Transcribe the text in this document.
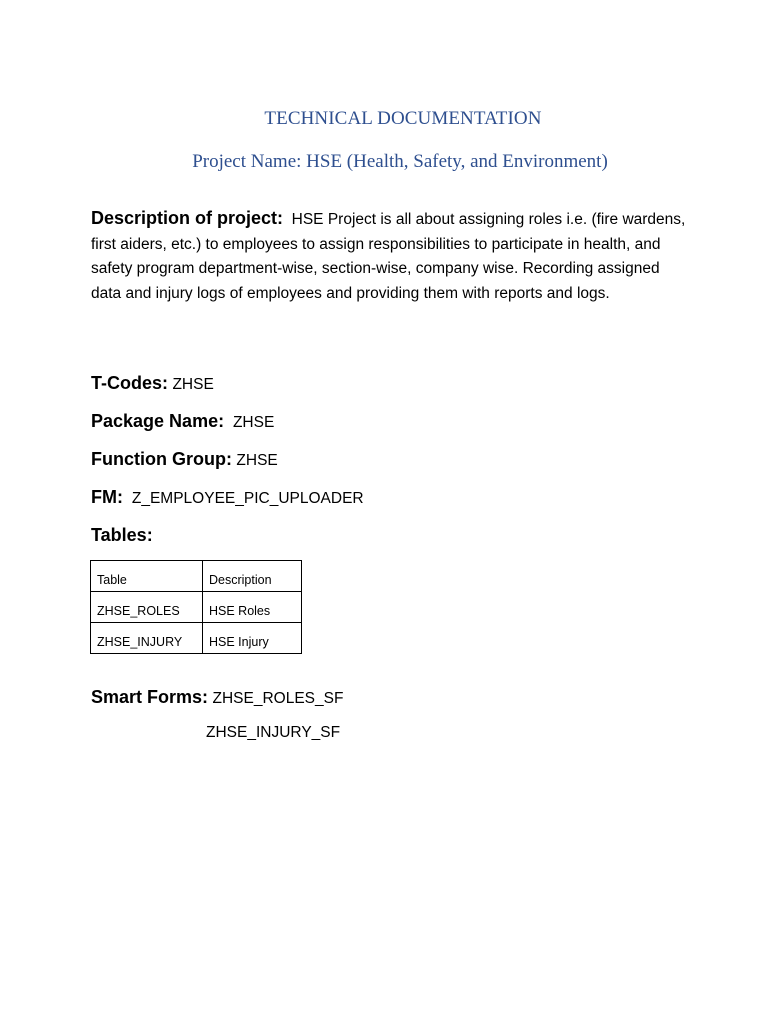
TECHNICAL DOCUMENTATION
Project Name: HSE (Health, Safety, and Environment)
Description of project: HSE Project is all about assigning roles i.e. (fire wardens, first aiders, etc.) to employees to assign responsibilities to participate in health, and safety program department-wise, section-wise, company wise. Recording assigned data and injury logs of employees and providing them with reports and logs.
T-Codes: ZHSE
Package Name: ZHSE
Function Group: ZHSE
FM: Z_EMPLOYEE_PIC_UPLOADER
Tables:
Table	Description
ZHSE_ROLES	HSE Roles
ZHSE_INJURY	HSE Injury
Smart Forms: ZHSE_ROLES_SF
ZHSE_INJURY_SF
